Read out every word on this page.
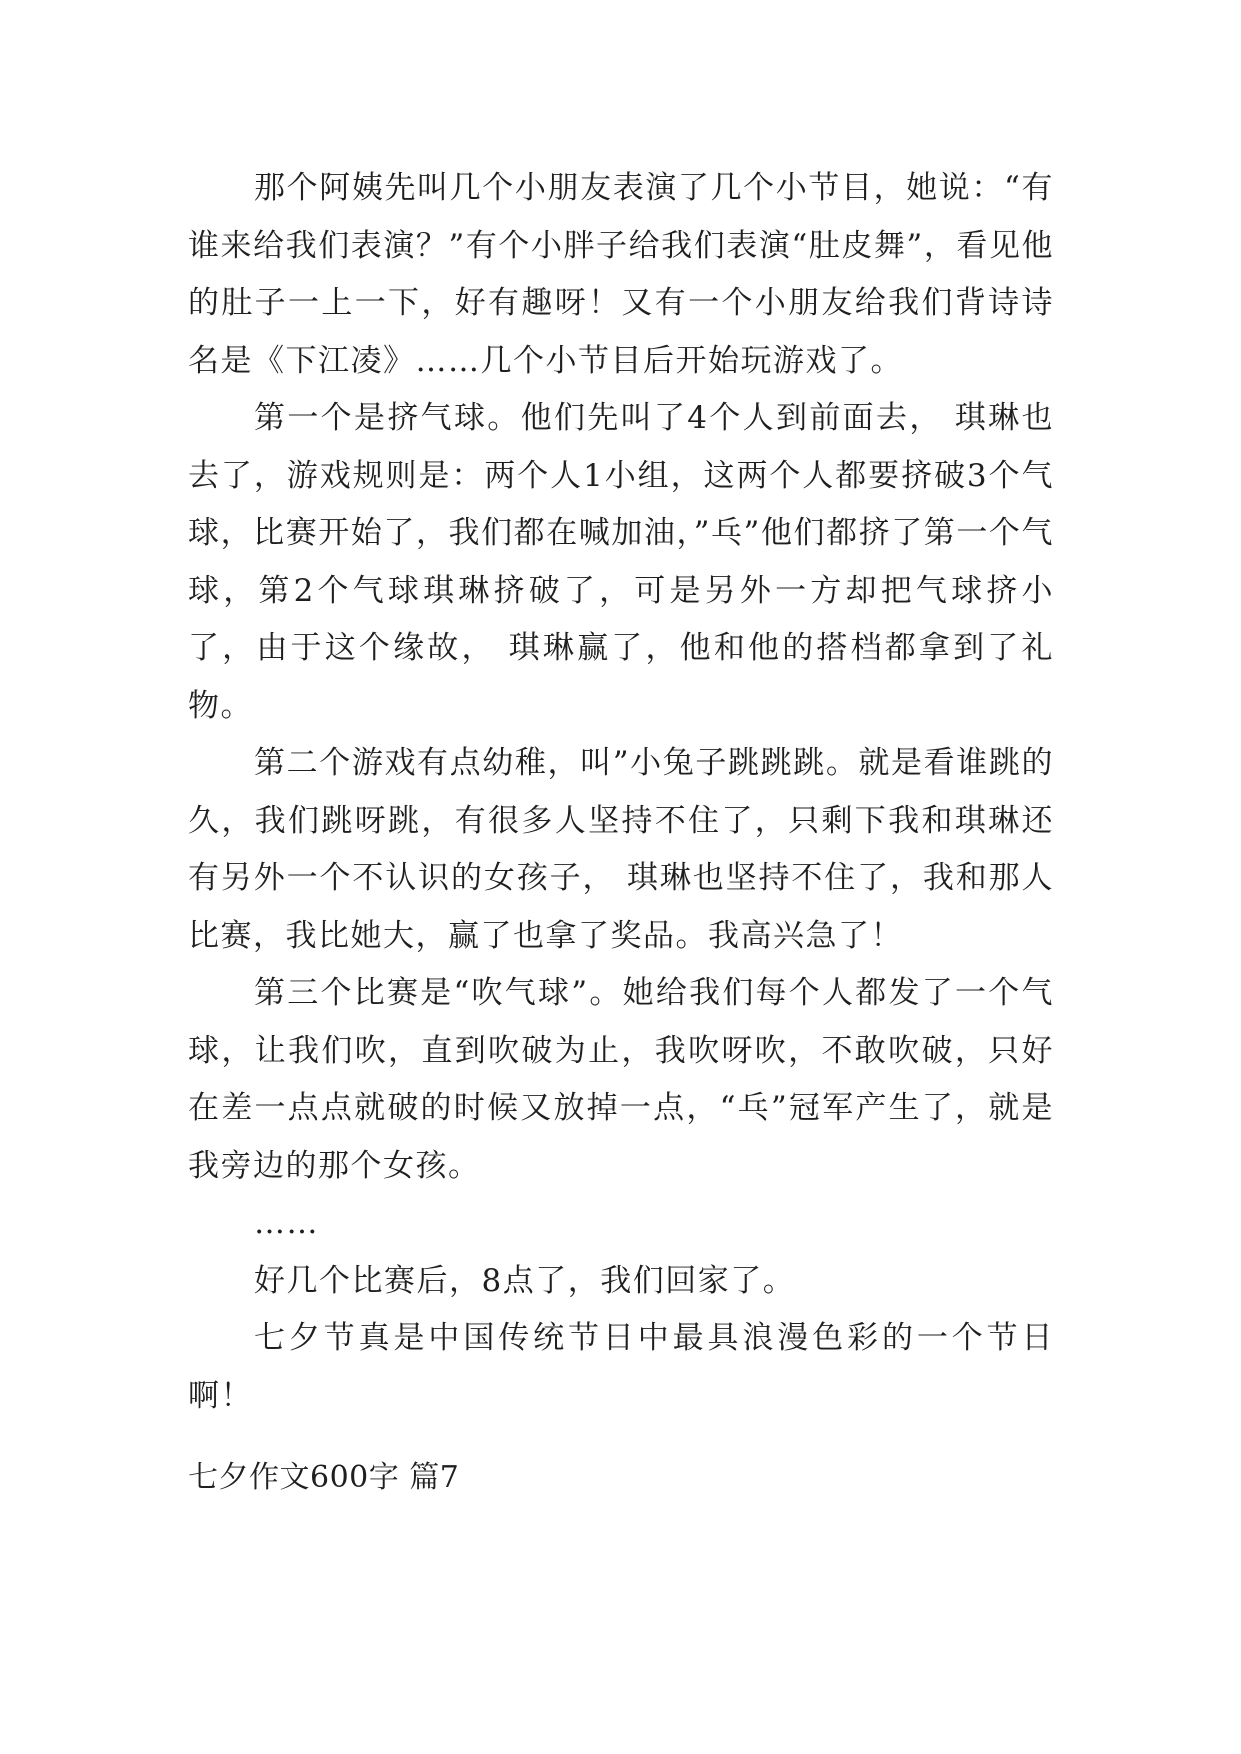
那个阿姨先叫几个小朋友表演了几个小节目，她说：“有谁来给我们表演？”有个小胖子给我们表演“肚皮舞”，看见他的肚子一上一下，好有趣呀！又有一个小朋友给我们背诗诗名是《下江凌》……几个小节目后开始玩游戏了。

第一个是挤气球。他们先叫了4个人到前面去， 琪琳也去了，游戏规则是：两个人1小组，这两个人都要挤破3个气球，比赛开始了，我们都在喊加油，”乓”他们都挤了第一个气球，第2个气球琪琳挤破了，可是另外一方却把气球挤小了，由于这个缘故， 琪琳赢了，他和他的搭档都拿到了礼物。

第二个游戏有点幼稚，叫”小兔子跳跳跳。就是看谁跳的久，我们跳呀跳，有很多人坚持不住了，只剩下我和琪琳还有另外一个不认识的女孩子， 琪琳也坚持不住了，我和那人比赛，我比她大，赢了也拿了奖品。我高兴急了！

第三个比赛是“吹气球”。她给我们每个人都发了一个气球，让我们吹，直到吹破为止，我吹呀吹，不敢吹破，只好在差一点点就破的时候又放掉一点，“乓”冠军产生了，就是我旁边的那个女孩。

……

好几个比赛后，8点了，我们回家了。

七夕节真是中国传统节日中最具浪漫色彩的一个节日啊！

七夕作文600字 篇7
